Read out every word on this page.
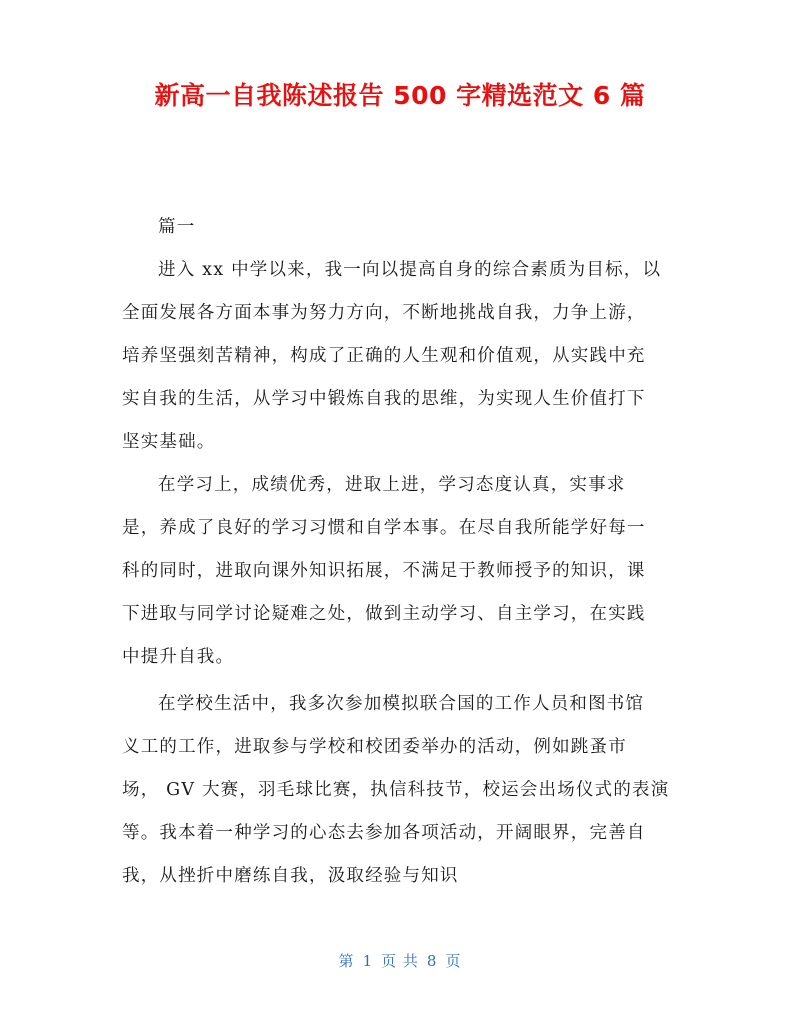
新高一自我陈述报告 500 字精选范文 6 篇
篇一
进入 xx 中学以来，我一向以提高自身的综合素质为目标，以
全面发展各方面本事为努力方向，不断地挑战自我，力争上游，
培养坚强刻苦精神，构成了正确的人生观和价值观，从实践中充
实自我的生活，从学习中锻炼自我的思维，为实现人生价值打下
坚实基础。
在学习上，成绩优秀，进取上进，学习态度认真，实事求
是，养成了良好的学习习惯和自学本事。在尽自我所能学好每一
科的同时，进取向课外知识拓展，不满足于教师授予的知识，课
下进取与同学讨论疑难之处，做到主动学习、自主学习，在实践
中提升自我。
在学校生活中，我多次参加模拟联合国的工作人员和图书馆
义工的工作，进取参与学校和校团委举办的活动，例如跳蚤市
场， GV 大赛，羽毛球比赛，执信科技节，校运会出场仪式的表演
等。我本着一种学习的心态去参加各项活动，开阔眼界，完善自
我，从挫折中磨练自我，汲取经验与知识
第 1 页 共 8 页
